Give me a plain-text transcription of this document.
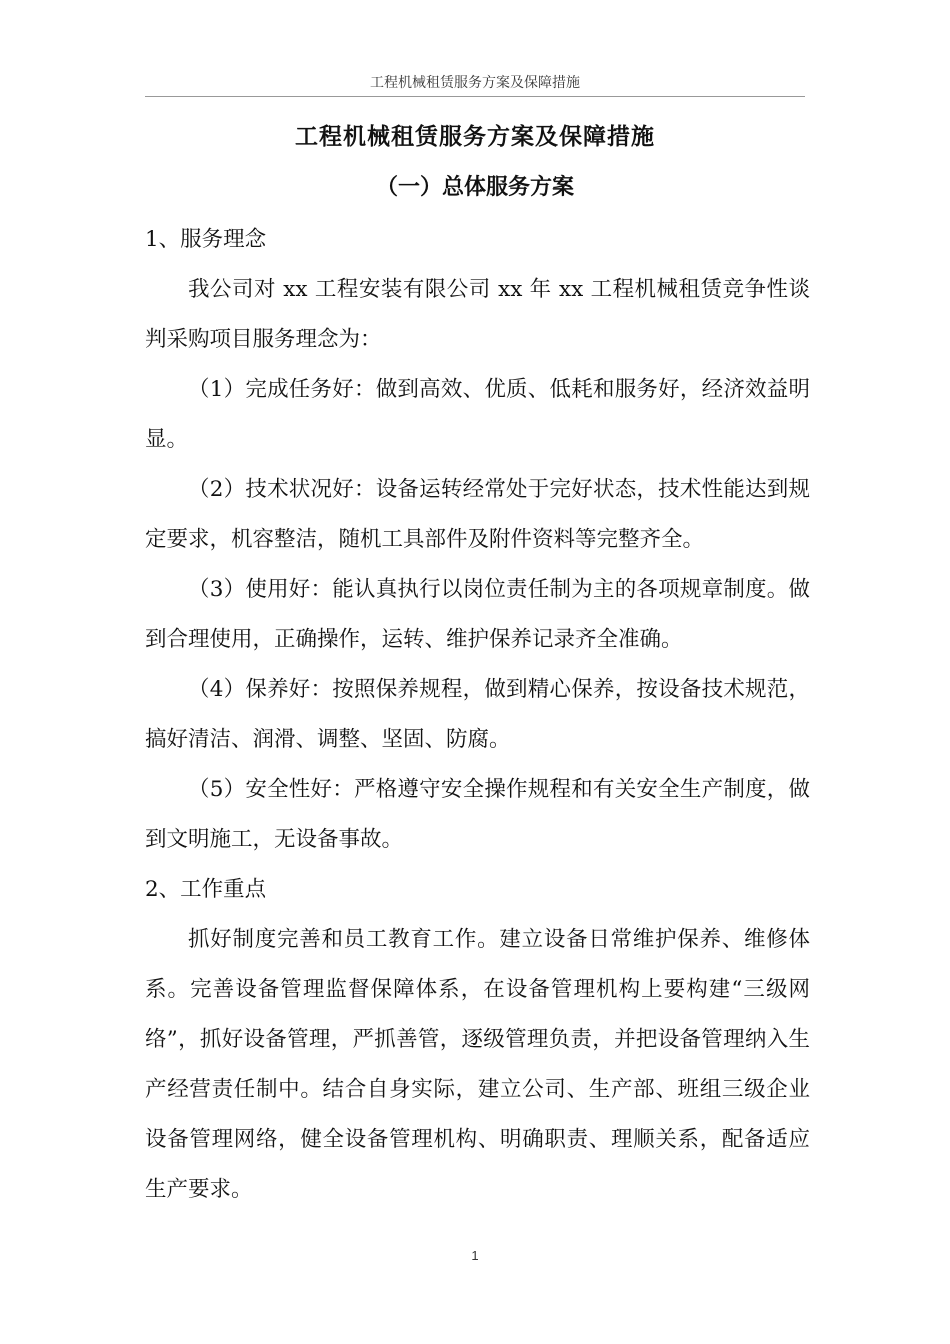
工程机械租赁服务方案及保障措施
工程机械租赁服务方案及保障措施
（一）总体服务方案

1、服务理念

我公司对 xx 工程安装有限公司 xx 年 xx 工程机械租赁竞争性谈判采购项目服务理念为：

（1）完成任务好：做到高效、优质、低耗和服务好，经济效益明显。

（2）技术状况好：设备运转经常处于完好状态，技术性能达到规定要求，机容整洁，随机工具部件及附件资料等完整齐全。

（3）使用好：能认真执行以岗位责任制为主的各项规章制度。做到合理使用，正确操作，运转、维护保养记录齐全准确。

（4）保养好：按照保养规程，做到精心保养，按设备技术规范，搞好清洁、润滑、调整、坚固、防腐。

（5）安全性好：严格遵守安全操作规程和有关安全生产制度，做到文明施工，无设备事故。

2、工作重点

抓好制度完善和员工教育工作。建立设备日常维护保养、维修体系。完善设备管理监督保障体系，在设备管理机构上要构建“三级网络”，抓好设备管理，严抓善管，逐级管理负责，并把设备管理纳入生产经营责任制中。结合自身实际，建立公司、生产部、班组三级企业设备管理网络，健全设备管理机构、明确职责、理顺关系，配备适应生产要求。

1
